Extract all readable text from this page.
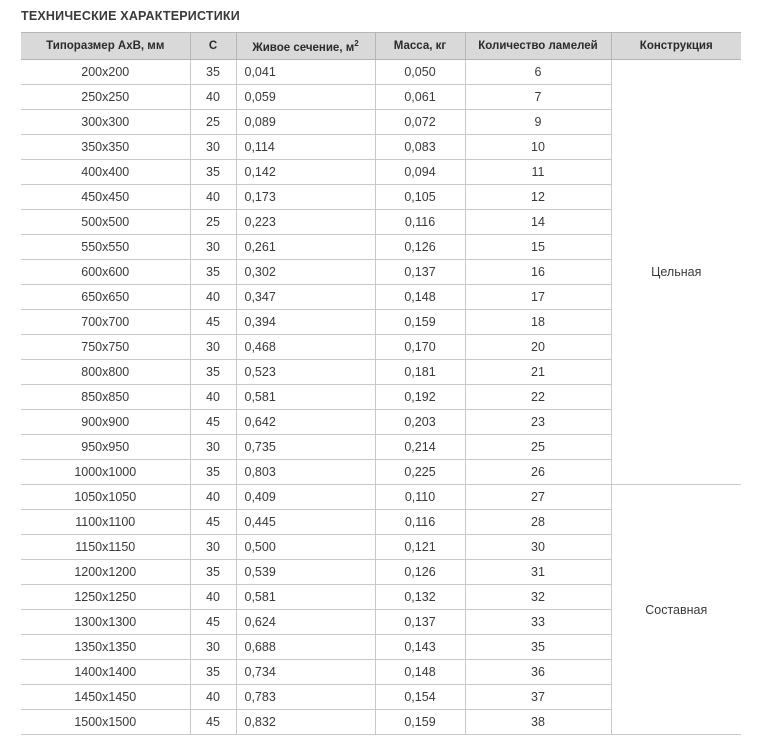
ТЕХНИЧЕСКИЕ ХАРАКТЕРИСТИКИ
Типоразмер АхВ, мм	С	Живое сечение, $м^2$	Масса, кг	Количество ламелей	Конструкция
200х200	35	0,041	0,050	6	Цельная
250х250	40	0,059	0,061	7	
300х300	25	0,089	0,072	9	
350х350	30	0,114	0,083	10	
400х400	35	0,142	0,094	11	
450х450	40	0,173	0,105	12	
500х500	25	0,223	0,116	14	
550х550	30	0,261	0,126	15	
600х600	35	0,302	0,137	16	
650х650	40	0,347	0,148	17	
700х700	45	0,394	0,159	18	
750х750	30	0,468	0,170	20	
800х800	35	0,523	0,181	21	
850х850	40	0,581	0,192	22	
900х900	45	0,642	0,203	23	
950х950	30	0,735	0,214	25	
1000х1000	35	0,803	0,225	26	
1050х1050	40	0,409	0,110	27	Составная
1100х1100	45	0,445	0,116	28	
1150х1150	30	0,500	0,121	30	
1200х1200	35	0,539	0,126	31	
1250х1250	40	0,581	0,132	32	
1300х1300	45	0,624	0,137	33	
1350х1350	30	0,688	0,143	35	
1400х1400	35	0,734	0,148	36	
1450х1450	40	0,783	0,154	37	
1500х1500	45	0,832	0,159	38	
